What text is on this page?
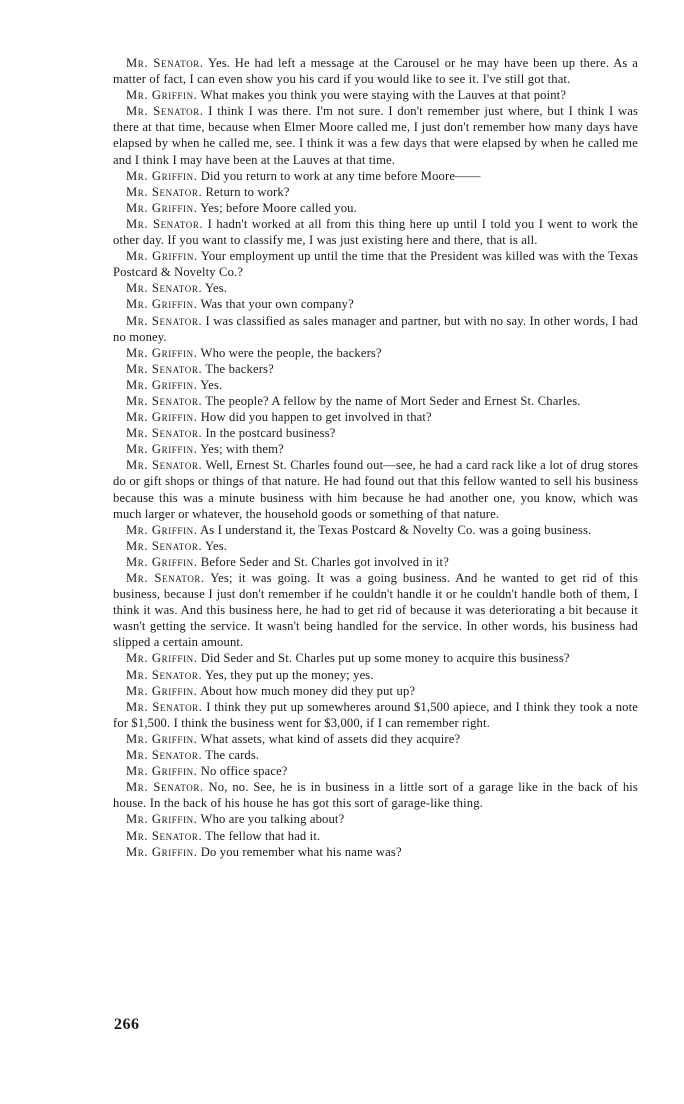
Mr. Senator. Yes. He had left a message at the Carousel or he may have been up there. As a matter of fact, I can even show you his card if you would like to see it. I've still got that.

Mr. Griffin. What makes you think you were staying with the Lauves at that point?

Mr. Senator. I think I was there. I'm not sure. I don't remember just where, but I think I was there at that time, because when Elmer Moore called me, I just don't remember how many days have elapsed by when he called me, see. I think it was a few days that were elapsed by when he called me and I think I may have been at the Lauves at that time.

Mr. Griffin. Did you return to work at any time before Moore——

Mr. Senator. Return to work?

Mr. Griffin. Yes; before Moore called you.

Mr. Senator. I hadn't worked at all from this thing here up until I told you I went to work the other day. If you want to classify me, I was just existing here and there, that is all.

Mr. Griffin. Your employment up until the time that the President was killed was with the Texas Postcard & Novelty Co.?

Mr. Senator. Yes.

Mr. Griffin. Was that your own company?

Mr. Senator. I was classified as sales manager and partner, but with no say. In other words, I had no money.

Mr. Griffin. Who were the people, the backers?

Mr. Senator. The backers?

Mr. Griffin. Yes.

Mr. Senator. The people? A fellow by the name of Mort Seder and Ernest St. Charles.

Mr. Griffin. How did you happen to get involved in that?

Mr. Senator. In the postcard business?

Mr. Griffin. Yes; with them?

Mr. Senator. Well, Ernest St. Charles found out—see, he had a card rack like a lot of drug stores do or gift shops or things of that nature. He had found out that this fellow wanted to sell his business because this was a minute business with him because he had another one, you know, which was much larger or whatever, the household goods or something of that nature.

Mr. Griffin. As I understand it, the Texas Postcard & Novelty Co. was a going business.

Mr. Senator. Yes.

Mr. Griffin. Before Seder and St. Charles got involved in it?

Mr. Senator. Yes; it was going. It was a going business. And he wanted to get rid of this business, because I just don't remember if he couldn't handle it or he couldn't handle both of them, I think it was. And this business here, he had to get rid of because it was deteriorating a bit because it wasn't getting the service. It wasn't being handled for the service. In other words, his business had slipped a certain amount.

Mr. Griffin. Did Seder and St. Charles put up some money to acquire this business?

Mr. Senator. Yes, they put up the money; yes.

Mr. Griffin. About how much money did they put up?

Mr. Senator. I think they put up somewheres around $1,500 apiece, and I think they took a note for $1,500. I think the business went for $3,000, if I can remember right.

Mr. Griffin. What assets, what kind of assets did they acquire?

Mr. Senator. The cards.

Mr. Griffin. No office space?

Mr. Senator. No, no. See, he is in business in a little sort of a garage like in the back of his house. In the back of his house he has got this sort of garage-like thing.

Mr. Griffin. Who are you talking about?

Mr. Senator. The fellow that had it.

Mr. Griffin. Do you remember what his name was?

266
